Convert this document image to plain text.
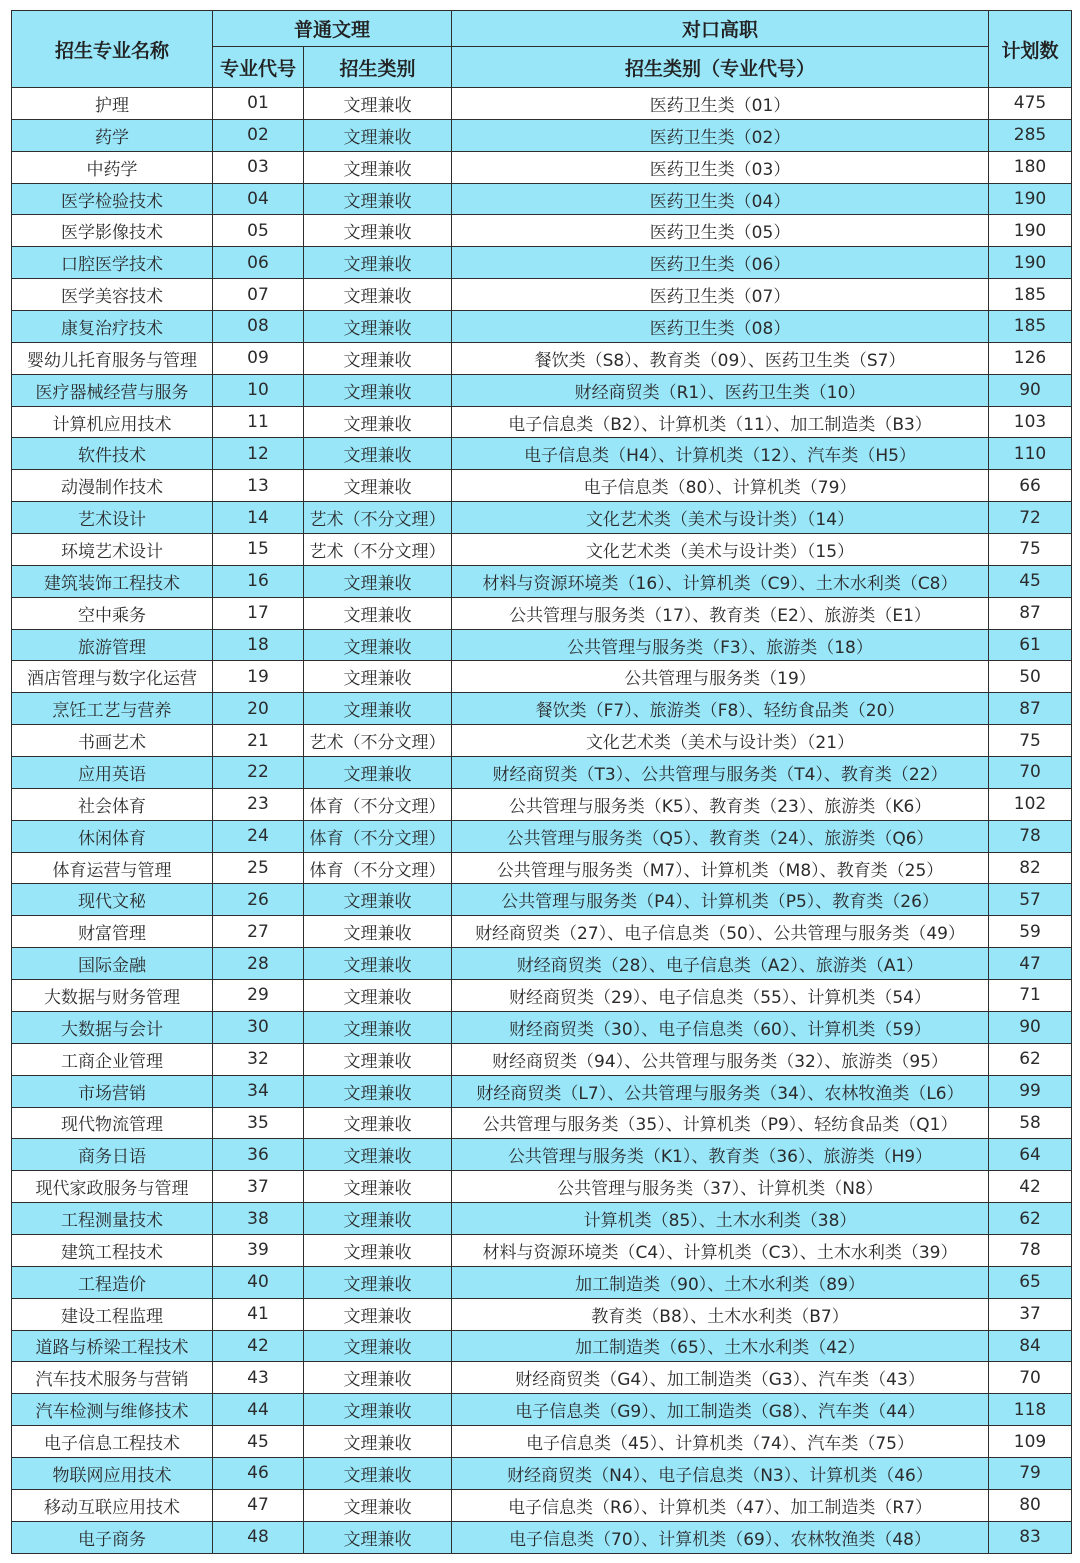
招生专业名称	普通文理		对口高职	计划数
	专业代号	招生类别	招生类别（专业代号）	
护理	01	文理兼收	医药卫生类（01）	475
药学	02	文理兼收	医药卫生类（02）	285
中药学	03	文理兼收	医药卫生类（03）	180
医学检验技术	04	文理兼收	医药卫生类（04）	190
医学影像技术	05	文理兼收	医药卫生类（05）	190
口腔医学技术	06	文理兼收	医药卫生类（06）	190
医学美容技术	07	文理兼收	医药卫生类（07）	185
康复治疗技术	08	文理兼收	医药卫生类（08）	185
婴幼儿托育服务与管理	09	文理兼收	餐饮类（S8）、教育类（09）、医药卫生类（S7）	126
医疗器械经营与服务	10	文理兼收	财经商贸类（R1）、医药卫生类（10）	90
计算机应用技术	11	文理兼收	电子信息类（B2）、计算机类（11）、加工制造类（B3）	103
软件技术	12	文理兼收	电子信息类（H4）、计算机类（12）、汽车类（H5）	110
动漫制作技术	13	文理兼收	电子信息类（80）、计算机类（79）	66
艺术设计	14	艺术（不分文理）	文化艺术类（美术与设计类）（14）	72
环境艺术设计	15	艺术（不分文理）	文化艺术类（美术与设计类）（15）	75
建筑装饰工程技术	16	文理兼收	材料与资源环境类（16）、计算机类（C9）、土木水利类（C8）	45
空中乘务	17	文理兼收	公共管理与服务类（17）、教育类（E2）、旅游类（E1）	87
旅游管理	18	文理兼收	公共管理与服务类（F3）、旅游类（18）	61
酒店管理与数字化运营	19	文理兼收	公共管理与服务类（19）	50
烹饪工艺与营养	20	文理兼收	餐饮类（F7）、旅游类（F8）、轻纺食品类（20）	87
书画艺术	21	艺术（不分文理）	文化艺术类（美术与设计类）（21）	75
应用英语	22	文理兼收	财经商贸类（T3）、公共管理与服务类（T4）、教育类（22）	70
社会体育	23	体育（不分文理）	公共管理与服务类（K5）、教育类（23）、旅游类（K6）	102
休闲体育	24	体育（不分文理）	公共管理与服务类（Q5）、教育类（24）、旅游类（Q6）	78
体育运营与管理	25	体育（不分文理）	公共管理与服务类（M7）、计算机类（M8）、教育类（25）	82
现代文秘	26	文理兼收	公共管理与服务类（P4）、计算机类（P5）、教育类（26）	57
财富管理	27	文理兼收	财经商贸类（27）、电子信息类（50）、公共管理与服务类（49）	59
国际金融	28	文理兼收	财经商贸类（28）、电子信息类（A2）、旅游类（A1）	47
大数据与财务管理	29	文理兼收	财经商贸类（29）、电子信息类（55）、计算机类（54）	71
大数据与会计	30	文理兼收	财经商贸类（30）、电子信息类（60）、计算机类（59）	90
工商企业管理	32	文理兼收	财经商贸类（94）、公共管理与服务类（32）、旅游类（95）	62
市场营销	34	文理兼收	财经商贸类（L7）、公共管理与服务类（34）、农林牧渔类（L6）	99
现代物流管理	35	文理兼收	公共管理与服务类（35）、计算机类（P9）、轻纺食品类（Q1）	58
商务日语	36	文理兼收	公共管理与服务类（K1）、教育类（36）、旅游类（H9）	64
现代家政服务与管理	37	文理兼收	公共管理与服务类（37）、计算机类（N8）	42
工程测量技术	38	文理兼收	计算机类（85）、土木水利类（38）	62
建筑工程技术	39	文理兼收	材料与资源环境类（C4）、计算机类（C3）、土木水利类（39）	78
工程造价	40	文理兼收	加工制造类（90）、土木水利类（89）	65
建设工程监理	41	文理兼收	教育类（B8）、土木水利类（B7）	37
道路与桥梁工程技术	42	文理兼收	加工制造类（65）、土木水利类（42）	84
汽车技术服务与营销	43	文理兼收	财经商贸类（G4）、加工制造类（G3）、汽车类（43）	70
汽车检测与维修技术	44	文理兼收	电子信息类（G9）、加工制造类（G8）、汽车类（44）	118
电子信息工程技术	45	文理兼收	电子信息类（45）、计算机类（74）、汽车类（75）	109
物联网应用技术	46	文理兼收	财经商贸类（N4）、电子信息类（N3）、计算机类（46）	79
移动互联应用技术	47	文理兼收	电子信息类（R6）、计算机类（47）、加工制造类（R7）	80
电子商务	48	文理兼收	电子信息类（70）、计算机类（69）、农林牧渔类（48）	83
